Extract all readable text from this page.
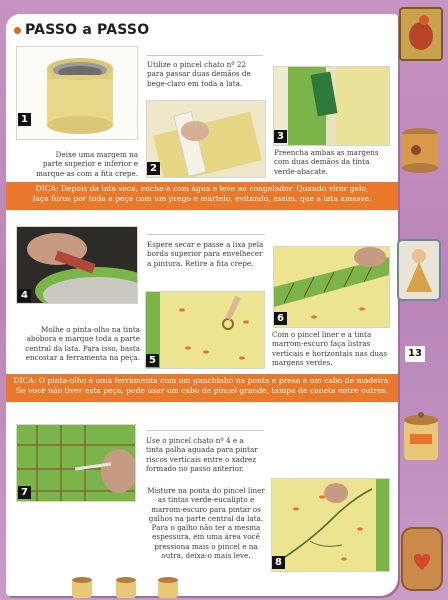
PASSO a PASSO
1
Utilize o pincel chato nº 22
para passar duas demãos de
bege-claro em toda a lata.
2
Deixe uma margem na
parte superior e inferior e
marque-as com a fita crepe.
3
Preencha ambas as margens
com duas demãos da tinta
verde-abacate.
DICA: Depois da lata seca, encha-a com água e leve ao congelador. Quando virar gelo,
faça furos por toda a peça com um prego e martelo, evitando, assim, que a lata amasse.
4
Espere secar e passe a lixa pela
borda superior para envelhecer
a pintura. Retire a fita crepe.
5
Molhe o pinta-olho na tinta
abóbora e marque toda a parte
central da lata. Para isso, basta
encostar a ferramenta na peça.
6
Com o pincel liner e a tinta
marrom-escuro faça listras
verticais e horizontais nas duas
margens verdes.
DICA: O pinta-olho é uma ferramenta com um ganchinho na ponta e presa a um cabo de madeira.
Se você não tiver esta peça, pode usar um cabo de pincel grande, tampa de caneta entre outros.
7
Use o pincel chato nº 4 e a
tinta palha aguada para pintar
riscos verticais entre o xadrez
formado no passo anterior.
Misture na ponta do pincel liner
as tintas verde-eucalipto e
marrom-escuro para pintar os
galhos na parte central da lata.
Para o galho não ter a mesma
espessura, em uma área você
pressiona mais o pincel e na
outra, deixa-o mais leve.
8
13
